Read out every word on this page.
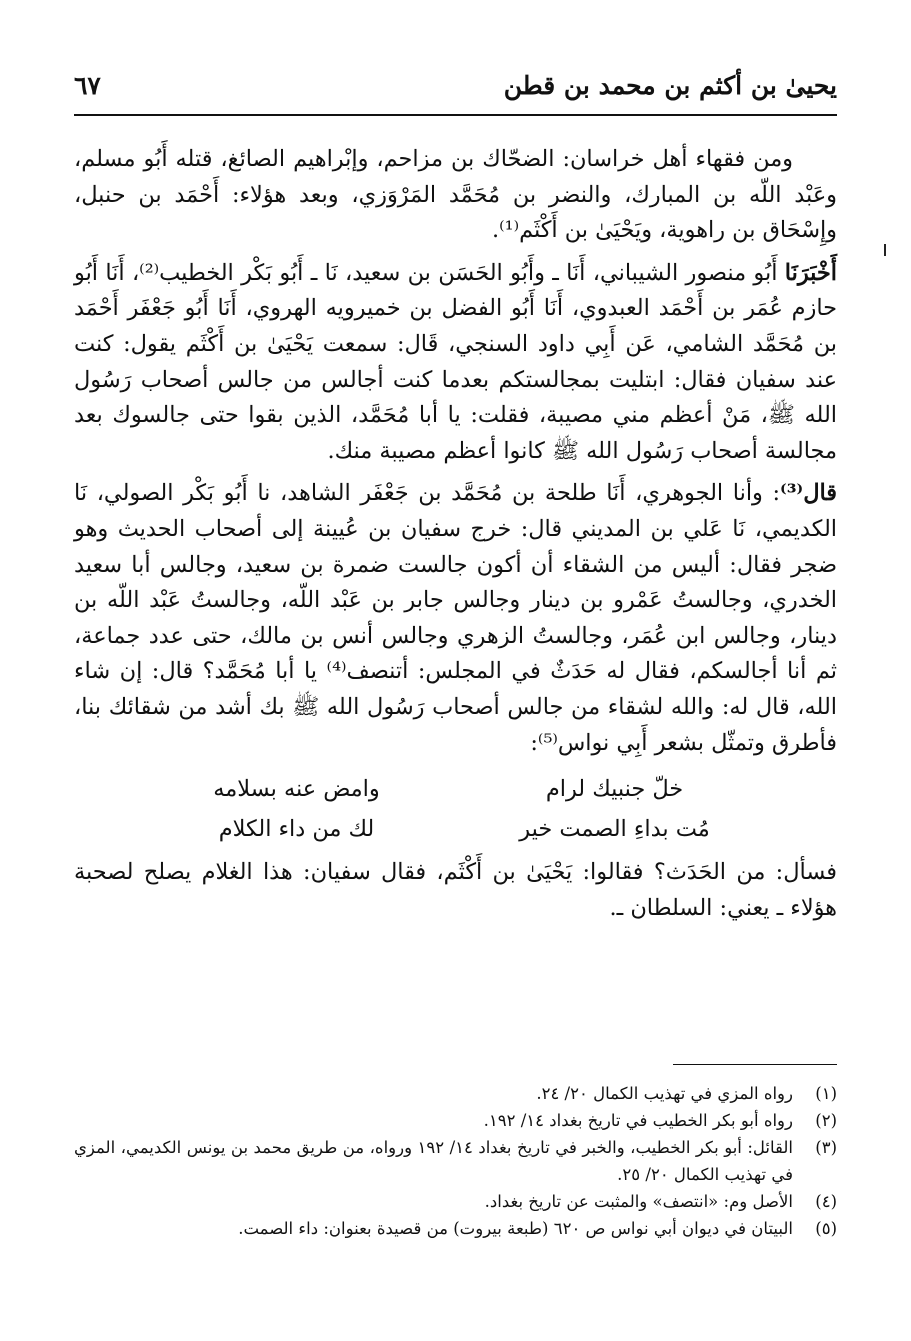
يحيىٰ بن أكثم بن محمد بن قطن
٦٧

ومن فقهاء أهل خراسان: الضحّاك بن مزاحم، وإبْراهيم الصائغ، قتله أَبُو مسلم، وعَبْد اللّه بن المبارك، والنضر بن مُحَمَّد المَرْوَزي، وبعد هؤلاء: أَحْمَد بن حنبل، وإِسْحَاق بن راهوية، ويَحْيَىٰ بن أَكْثَم⁽¹⁾.

أَخْبَرَنَا أَبُو منصور الشيباني، أَنَا ـ وأَبُو الحَسَن بن سعيد، نَا ـ أَبُو بَكْر الخطيب⁽²⁾، أَنَا أَبُو حازم عُمَر بن أَحْمَد العبدوي، أَنَا أَبُو الفضل بن خميرويه الهروي، أَنَا أَبُو جَعْفَر أَحْمَد بن مُحَمَّد الشامي، عَن أَبِي داود السنجي، قَال: سمعت يَحْيَىٰ بن أَكْثَم يقول: كنت عند سفيان فقال: ابتليت بمجالستكم بعدما كنت أجالس من جالس أصحاب رَسُول الله ﷺ، مَنْ أعظم مني مصيبة، فقلت: يا أبا مُحَمَّد، الذين بقوا حتى جالسوك بعد مجالسة أصحاب رَسُول الله ﷺ كانوا أعظم مصيبة منك.

قال⁽³⁾: وأنا الجوهري، أَنَا طلحة بن مُحَمَّد بن جَعْفَر الشاهد، نا أَبُو بَكْر الصولي، نَا الكديمي، نَا عَلي بن المديني قال: خرج سفيان بن عُيينة إلى أصحاب الحديث وهو ضجر فقال: أليس من الشقاء أن أكون جالست ضمرة بن سعيد، وجالس أبا سعيد الخدري، وجالستُ عَمْرو بن دينار وجالس جابر بن عَبْد اللّه، وجالستُ عَبْد اللّه بن دينار، وجالس ابن عُمَر، وجالستُ الزهري وجالس أنس بن مالك، حتى عدد جماعة، ثم أنا أجالسكم، فقال له حَدَثٌ في المجلس: أتنصف⁽⁴⁾ يا أبا مُحَمَّد؟ قال: إن شاء الله، قال له: والله لشقاء من جالس أصحاب رَسُول الله ﷺ بك أشد من شقائك بنا، فأطرق وتمثّل بشعر أَبِي نواس⁽⁵⁾:

خلّ جنبيك لرام
وامض عنه بسلامه
مُت بداءِ الصمت خير
لك من داء الكلام

فسأل: من الحَدَث؟ فقالوا: يَحْيَىٰ بن أَكْثَم، فقال سفيان: هذا الغلام يصلح لصحبة هؤلاء ـ يعني: السلطان ـ.

(١)
رواه المزي في تهذيب الكمال ٢٠/ ٢٤.
(٢)
رواه أبو بكر الخطيب في تاريخ بغداد ١٤/ ١٩٢.
(٣)
القائل: أبو بكر الخطيب، والخبر في تاريخ بغداد ١٤/ ١٩٢ ورواه، من طريق محمد بن يونس الكديمي، المزي في تهذيب الكمال ٢٠/ ٢٥.
(٤)
الأصل وم: «انتصف» والمثبت عن تاريخ بغداد.
(٥)
البيتان في ديوان أبي نواس ص ٦٢٠ (طبعة بيروت) من قصيدة بعنوان: داء الصمت.
